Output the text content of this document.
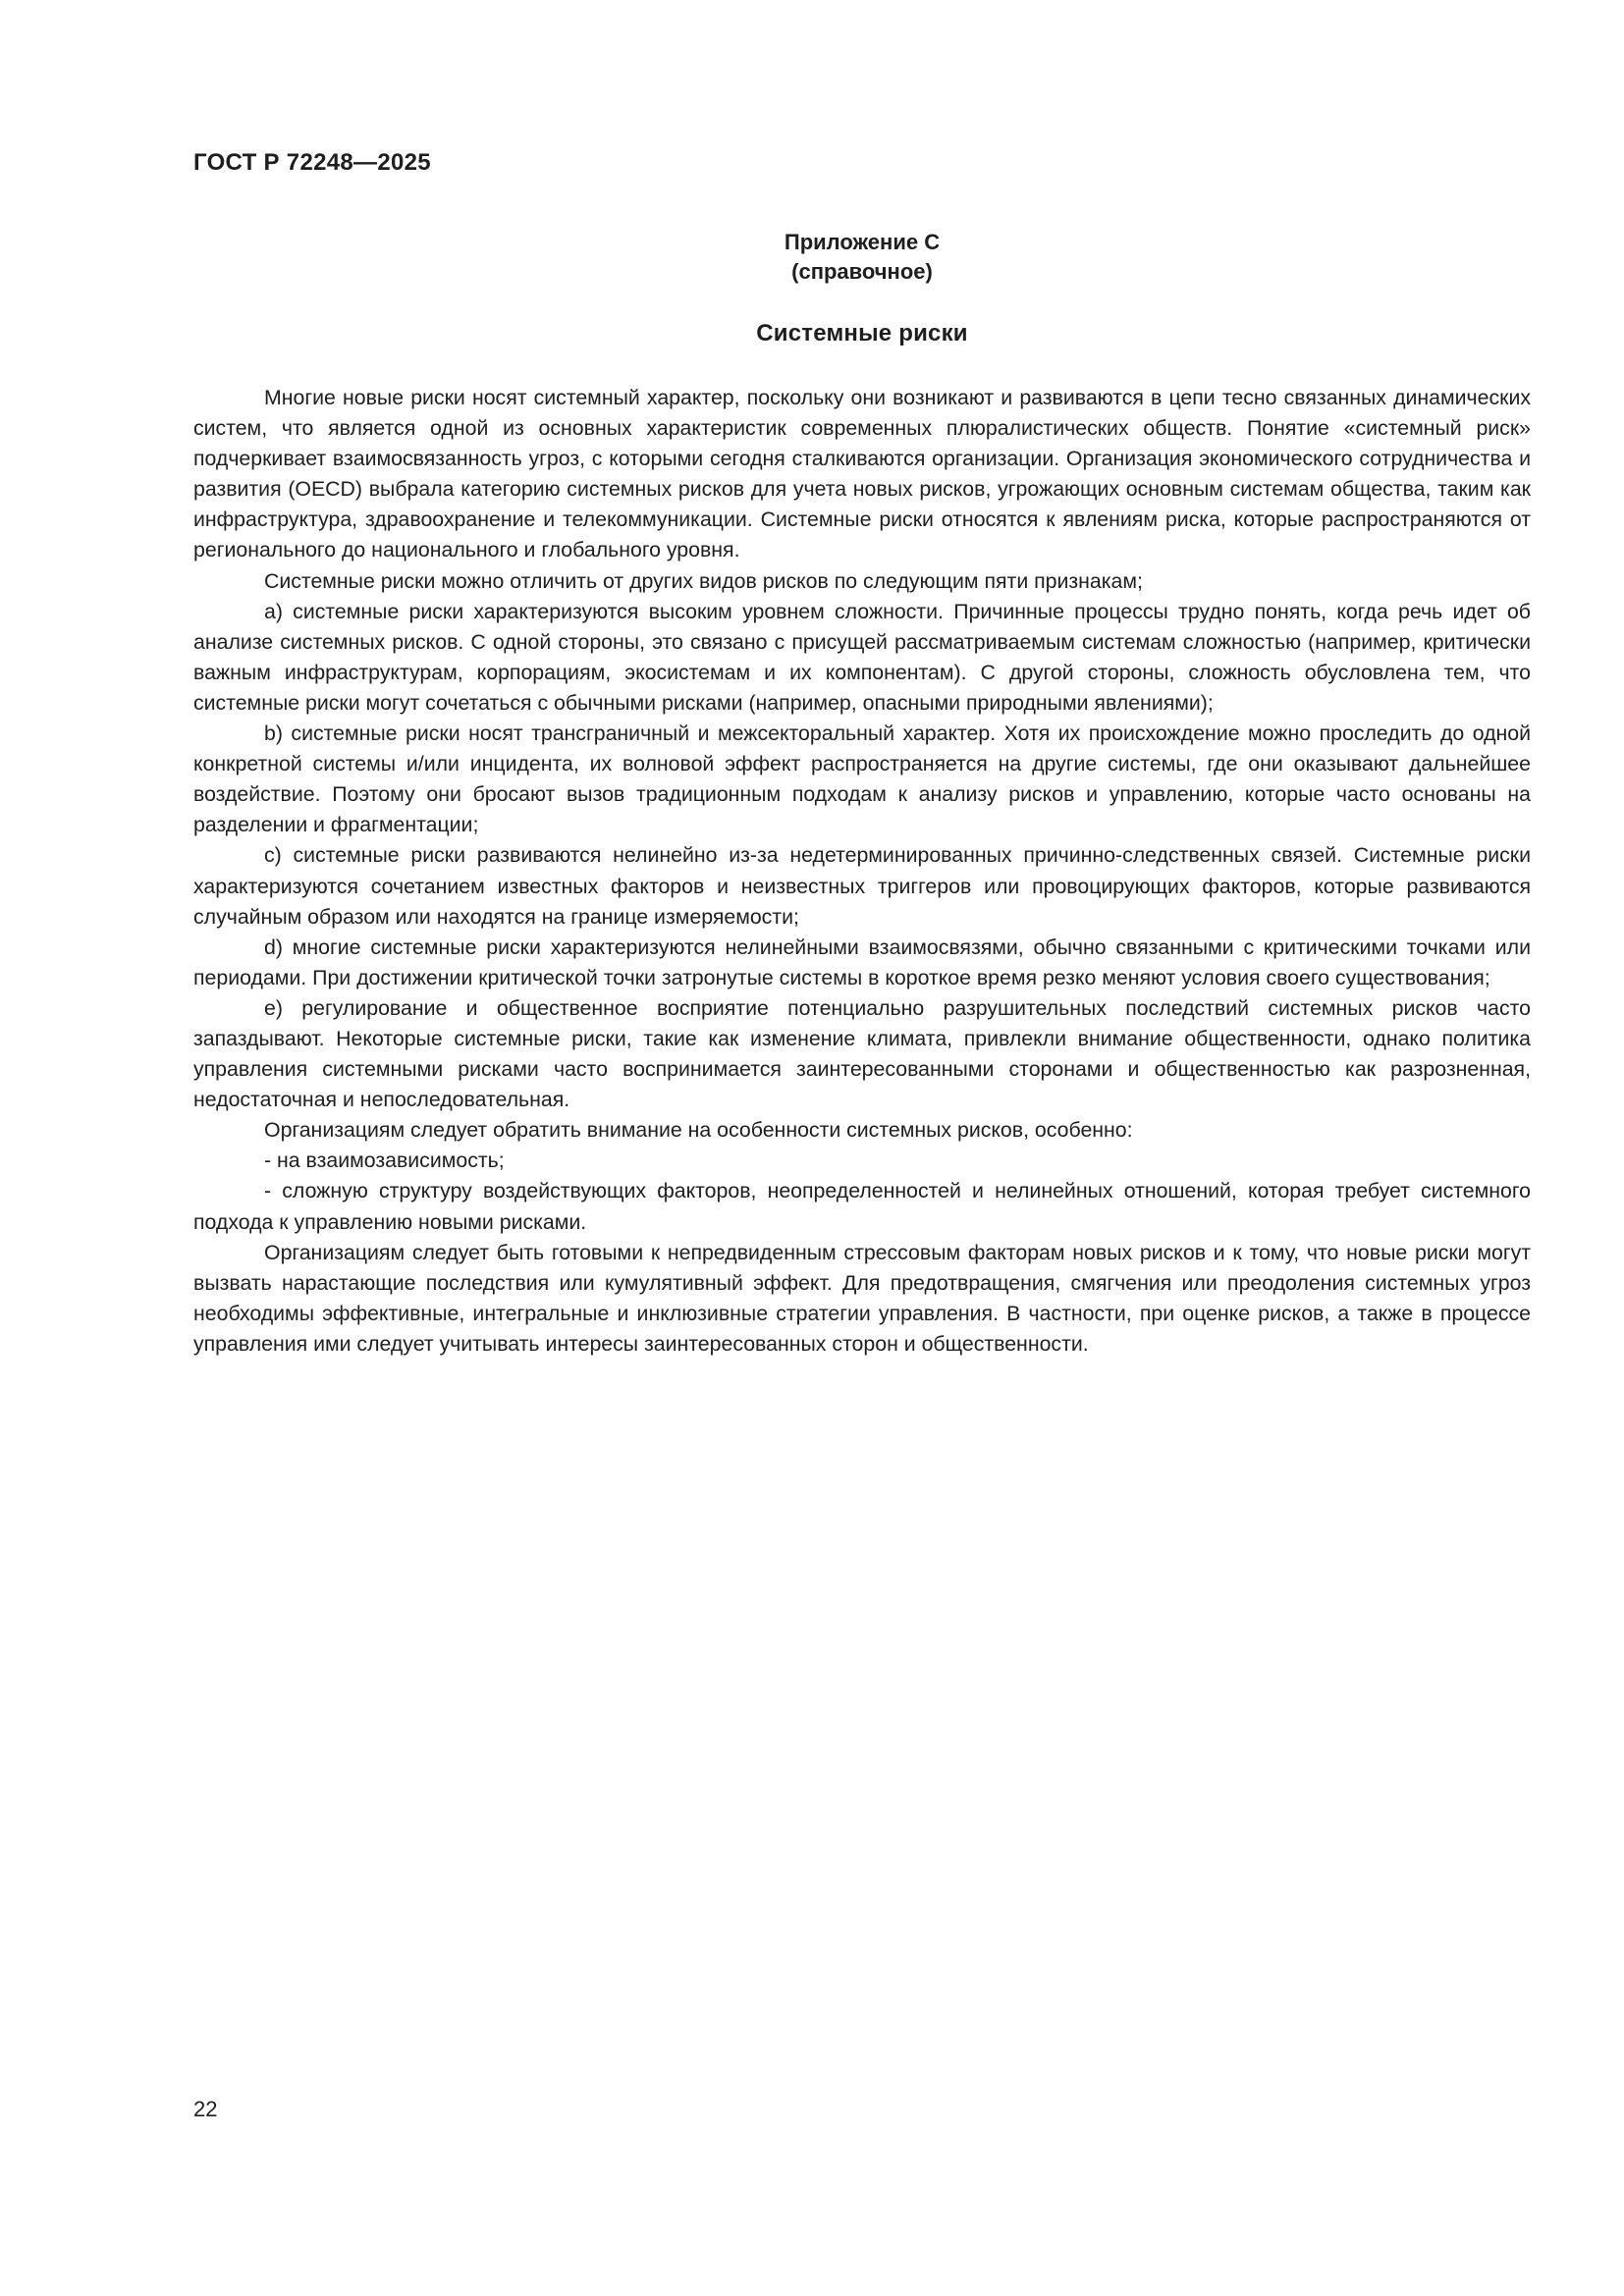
ГОСТ Р 72248—2025
Приложение С
(справочное)
Системные риски

Многие новые риски носят системный характер, поскольку они возникают и развиваются в цепи тесно связанных динамических систем, что является одной из основных характеристик современных плюралистических обществ. Понятие «системный риск» подчеркивает взаимосвязанность угроз, с которыми сегодня сталкиваются организации. Организация экономического сотрудничества и развития (OECD) выбрала категорию системных рисков для учета новых рисков, угрожающих основным системам общества, таким как инфраструктура, здравоохранение и телекоммуникации. Системные риски относятся к явлениям риска, которые распространяются от регионального до национального и глобального уровня.

Системные риски можно отличить от других видов рисков по следующим пяти признакам;

a) системные риски характеризуются высоким уровнем сложности. Причинные процессы трудно понять, когда речь идет об анализе системных рисков. С одной стороны, это связано с присущей рассматриваемым системам сложностью (например, критически важным инфраструктурам, корпорациям, экосистемам и их компонентам). С другой стороны, сложность обусловлена тем, что системные риски могут сочетаться с обычными рисками (например, опасными природными явлениями);

b) системные риски носят трансграничный и межсекторальный характер. Хотя их происхождение можно проследить до одной конкретной системы и/или инцидента, их волновой эффект распространяется на другие системы, где они оказывают дальнейшее воздействие. Поэтому они бросают вызов традиционным подходам к анализу рисков и управлению, которые часто основаны на разделении и фрагментации;

c) системные риски развиваются нелинейно из-за недетерминированных причинно-следственных связей. Системные риски характеризуются сочетанием известных факторов и неизвестных триггеров или провоцирующих факторов, которые развиваются случайным образом или находятся на границе измеряемости;

d) многие системные риски характеризуются нелинейными взаимосвязями, обычно связанными с критическими точками или периодами. При достижении критической точки затронутые системы в короткое время резко меняют условия своего существования;

e) регулирование и общественное восприятие потенциально разрушительных последствий системных рисков часто запаздывают. Некоторые системные риски, такие как изменение климата, привлекли внимание общественности, однако политика управления системными рисками часто воспринимается заинтересованными сторонами и общественностью как разрозненная, недостаточная и непоследовательная.

Организациям следует обратить внимание на особенности системных рисков, особенно:

- на взаимозависимость;

- сложную структуру воздействующих факторов, неопределенностей и нелинейных отношений, которая требует системного подхода к управлению новыми рисками.

Организациям следует быть готовыми к непредвиденным стрессовым факторам новых рисков и к тому, что новые риски могут вызвать нарастающие последствия или кумулятивный эффект. Для предотвращения, смягчения или преодоления системных угроз необходимы эффективные, интегральные и инклюзивные стратегии управления. В частности, при оценке рисков, а также в процессе управления ими следует учитывать интересы заинтересованных сторон и общественности.

22
